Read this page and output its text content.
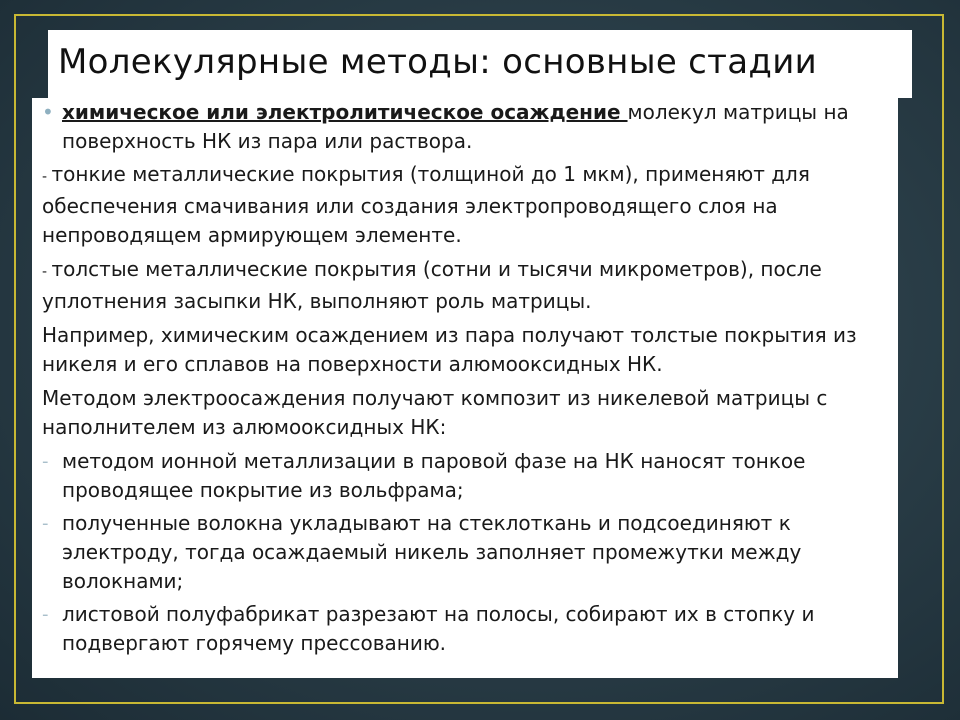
Молекулярные методы: основные стадии
• химическое или электролитическое осаждение молекул матрицы на поверхность НК из пара или раствора.

- тонкие металлические покрытия (толщиной до 1 мкм), применяют для обеспечения смачивания или создания электропроводящего слоя на непроводящем армирующем элементе.

- толстые металлические покрытия (сотни и тысячи микрометров), после уплотнения засыпки НК, выполняют роль матрицы.

Например, химическим осаждением из пара получают толстые покрытия из никеля и его сплавов на поверхности алюмооксидных НК.

Методом электроосаждения получают композит из никелевой матрицы с наполнителем из алюмооксидных НК:

- методом ионной металлизации в паровой фазе на НК наносят тонкое проводящее покрытие из вольфрама;
- полученные волокна укладывают на стеклоткань и подсоединяют к электроду, тогда осаждаемый никель заполняет промежутки между волокнами;
- листовой полуфабрикат разрезают на полосы, собирают их в стопку и подвергают горячему прессованию.
